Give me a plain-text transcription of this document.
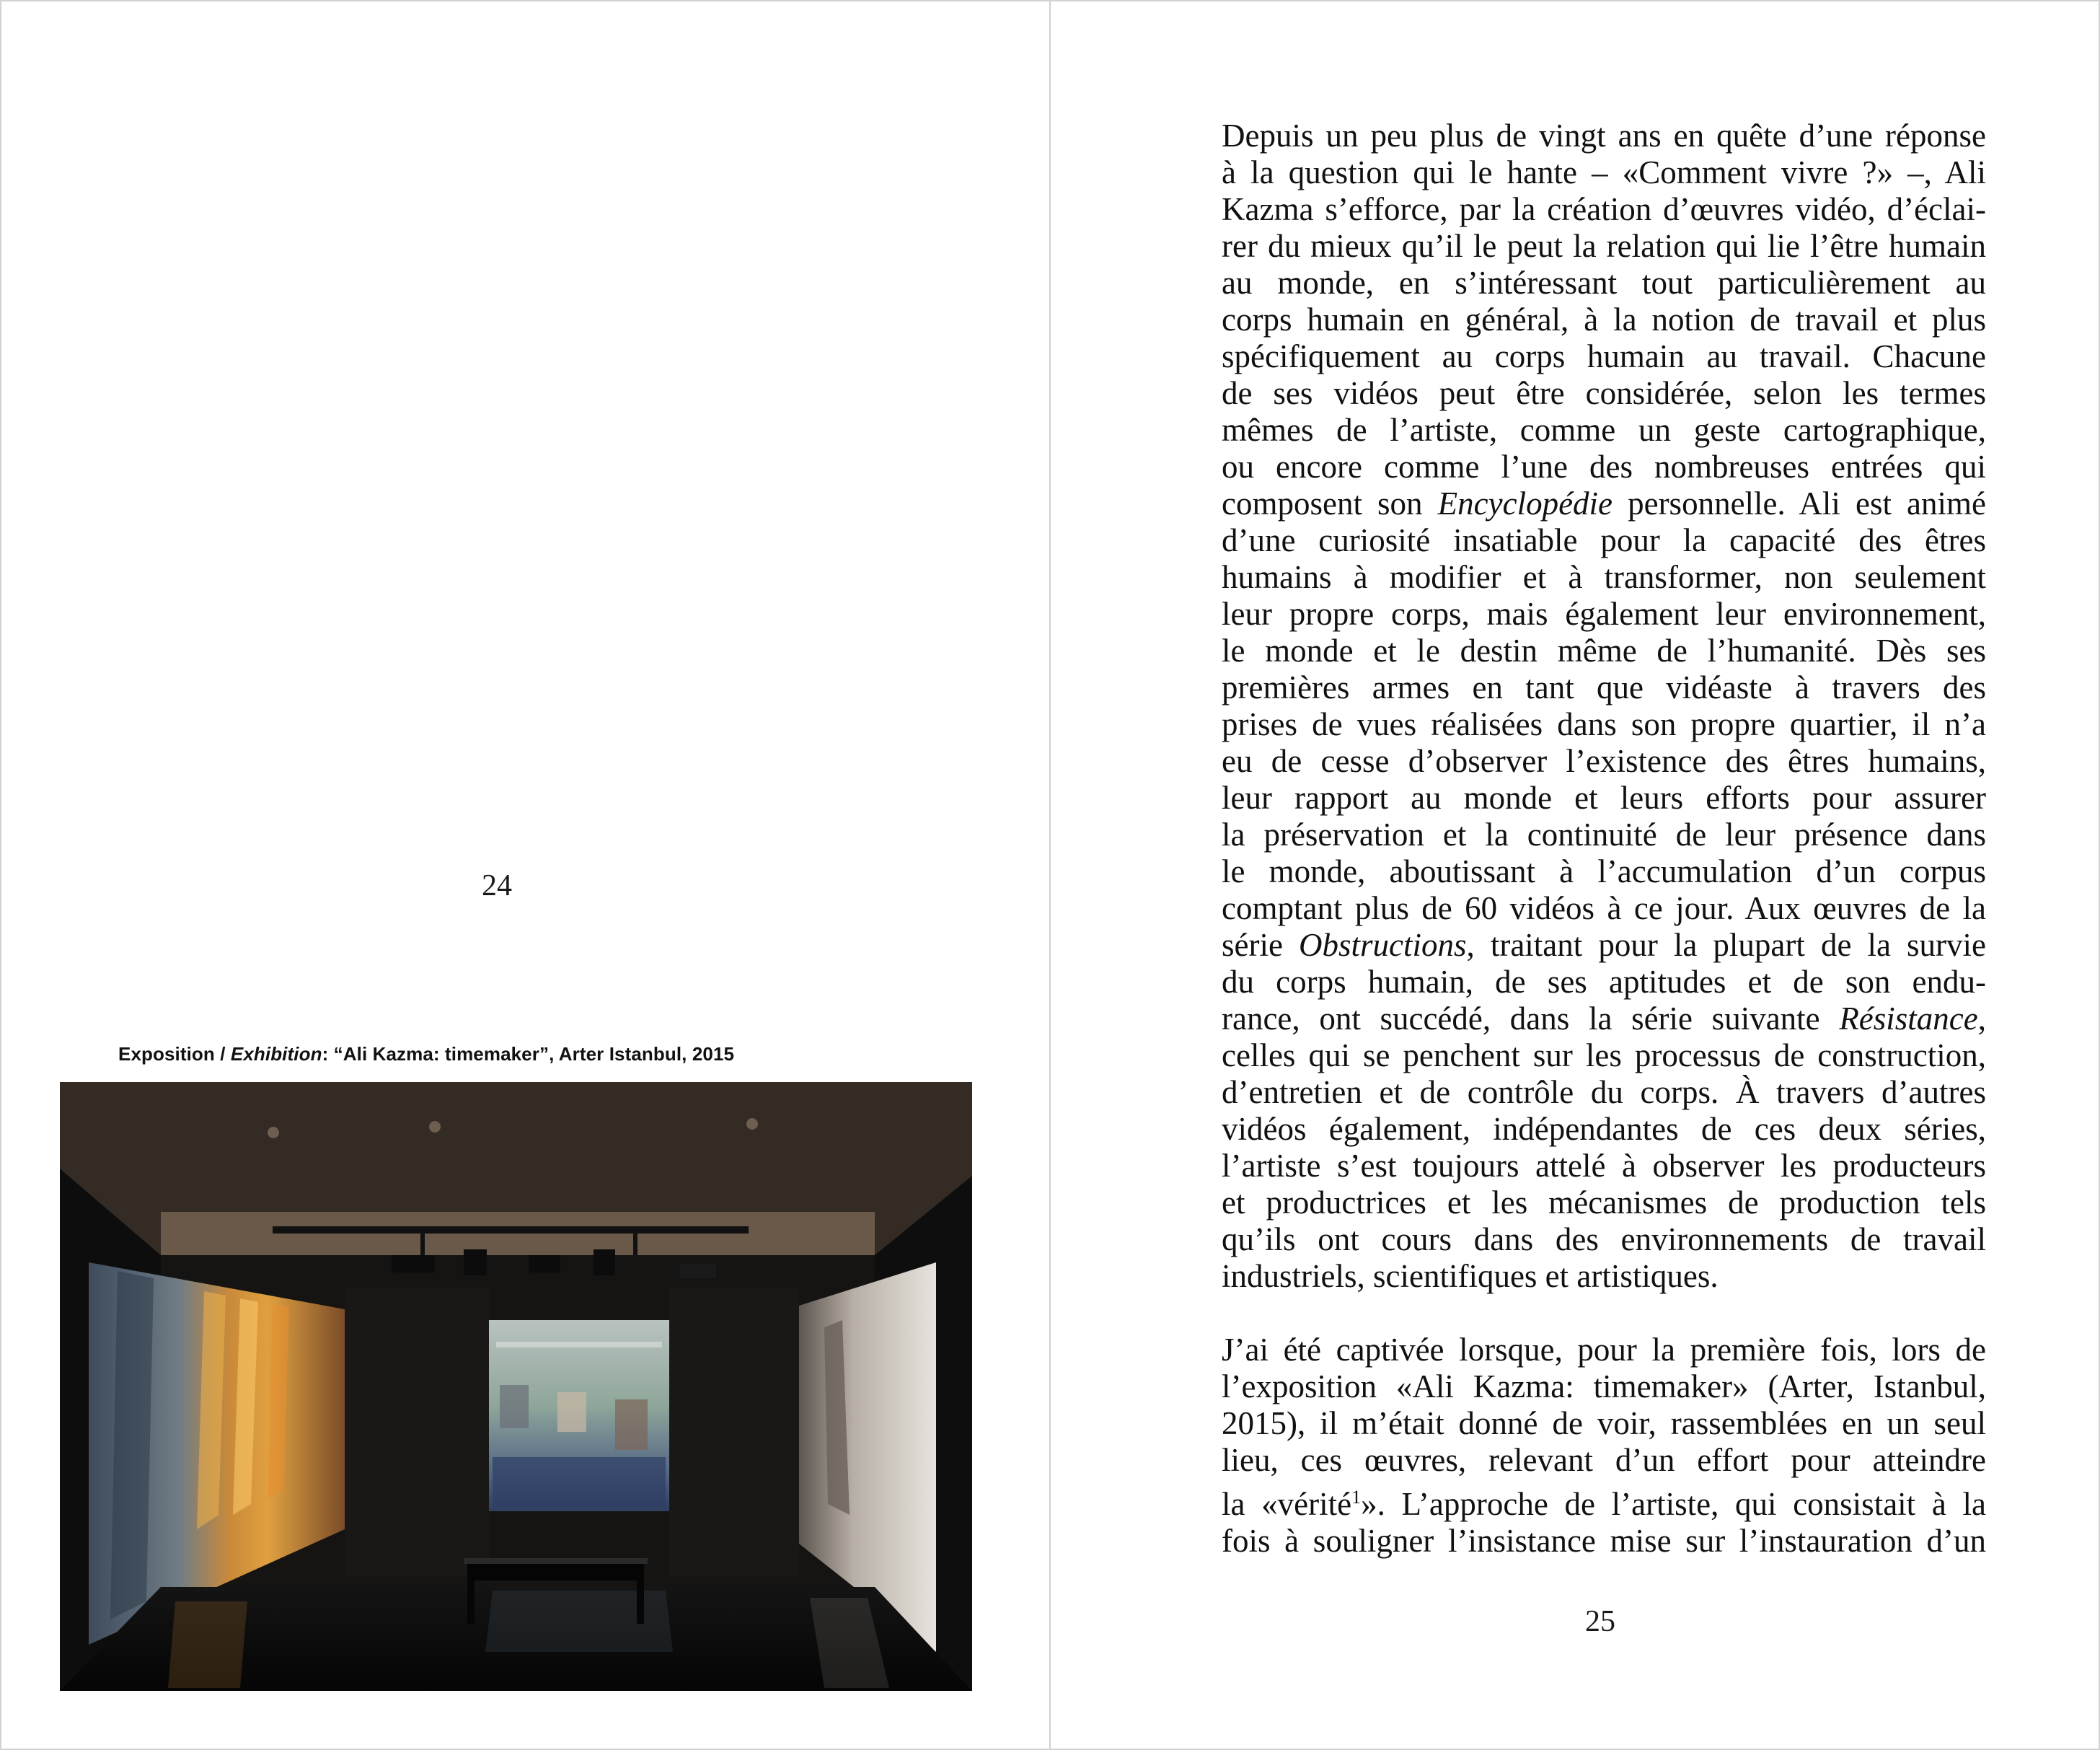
24
Exposition / Exhibition: “Ali Kazma: timemaker”, Arter Istanbul, 2015

Depuis un peu plus de vingt ans en quête d’une réponse
à la question qui le hante – «Comment vivre ?» –, Ali
Kazma s’efforce, par la création d’œuvres vidéo, d’éclai-
rer du mieux qu’il le peut la relation qui lie l’être humain
au monde, en s’intéressant tout particulièrement au
corps humain en général, à la notion de travail et plus
spécifiquement au corps humain au travail. Chacune
de ses vidéos peut être considérée, selon les termes
mêmes de l’artiste, comme un geste cartographique,
ou encore comme l’une des nombreuses entrées qui
composent son Encyclopédie personnelle. Ali est animé
d’une curiosité insatiable pour la capacité des êtres
humains à modifier et à transformer, non seulement
leur propre corps, mais également leur environnement,
le monde et le destin même de l’humanité. Dès ses
premières armes en tant que vidéaste à travers des
prises de vues réalisées dans son propre quartier, il n’a
eu de cesse d’observer l’existence des êtres humains,
leur rapport au monde et leurs efforts pour assurer
la préservation et la continuité de leur présence dans
le monde, aboutissant à l’accumulation d’un corpus
comptant plus de 60 vidéos à ce jour. Aux œuvres de la
série Obstructions, traitant pour la plupart de la survie
du corps humain, de ses aptitudes et de son endu-
rance, ont succédé, dans la série suivante Résistance,
celles qui se penchent sur les processus de construction,
d’entretien et de contrôle du corps. À travers d’autres
vidéos également, indépendantes de ces deux séries,
l’artiste s’est toujours attelé à observer les producteurs
et productrices et les mécanismes de production tels
qu’ils ont cours dans des environnements de travail
industriels, scientifiques et artistiques.

J’ai été captivée lorsque, pour la première fois, lors de
l’exposition «Ali Kazma: timemaker» (Arter, Istanbul,
2015), il m’était donné de voir, rassemblées en un seul
lieu, ces œuvres, relevant d’un effort pour atteindre
la «vérité$^1$». L’approche de l’artiste, qui consistait à la
fois à souligner l’insistance mise sur l’instauration d’un

25
